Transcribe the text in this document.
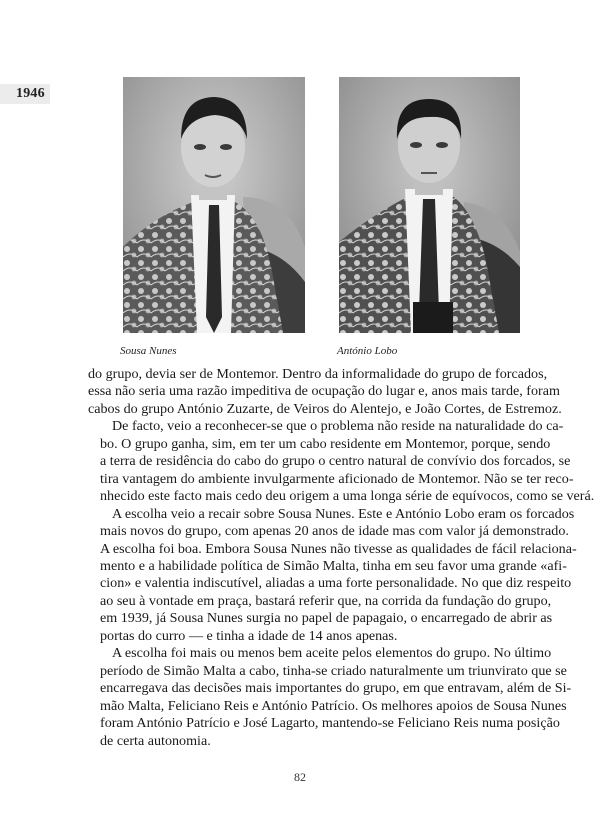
1946
Sousa Nunes	António Lobo

do grupo, devia ser de Montemor. Dentro da informalidade do grupo de forcados,
essa não seria uma razão impeditiva de ocupação do lugar e, anos mais tarde, foram
cabos do grupo António Zuzarte, de Veiros do Alentejo, e João Cortes, de Estremoz.

De facto, veio a reconhecer-se que o problema não reside na naturalidade do ca-
bo. O grupo ganha, sim, em ter um cabo residente em Montemor, porque, sendo
a terra de residência do cabo do grupo o centro natural de convívio dos forcados, se
tira vantagem do ambiente invulgarmente aficionado de Montemor. Não se ter reco-
nhecido este facto mais cedo deu origem a uma longa série de equívocos, como se verá.

A escolha veio a recair sobre Sousa Nunes. Este e António Lobo eram os forcados
mais novos do grupo, com apenas 20 anos de idade mas com valor já demonstrado.
A escolha foi boa. Embora Sousa Nunes não tivesse as qualidades de fácil relaciona-
mento e a habilidade política de Simão Malta, tinha em seu favor uma grande «afi-
cion» e valentia indiscutível, aliadas a uma forte personalidade. No que diz respeito
ao seu à vontade em praça, bastará referir que, na corrida da fundação do grupo,
em 1939, já Sousa Nunes surgia no papel de papagaio, o encarregado de abrir as
portas do curro — e tinha a idade de 14 anos apenas.

A escolha foi mais ou menos bem aceite pelos elementos do grupo. No último
período de Simão Malta a cabo, tinha-se criado naturalmente um triunvirato que se
encarregava das decisões mais importantes do grupo, em que entravam, além de Si-
mão Malta, Feliciano Reis e António Patrício. Os melhores apoios de Sousa Nunes
foram António Patrício e José Lagarto, mantendo-se Feliciano Reis numa posição
de certa autonomia.

82
